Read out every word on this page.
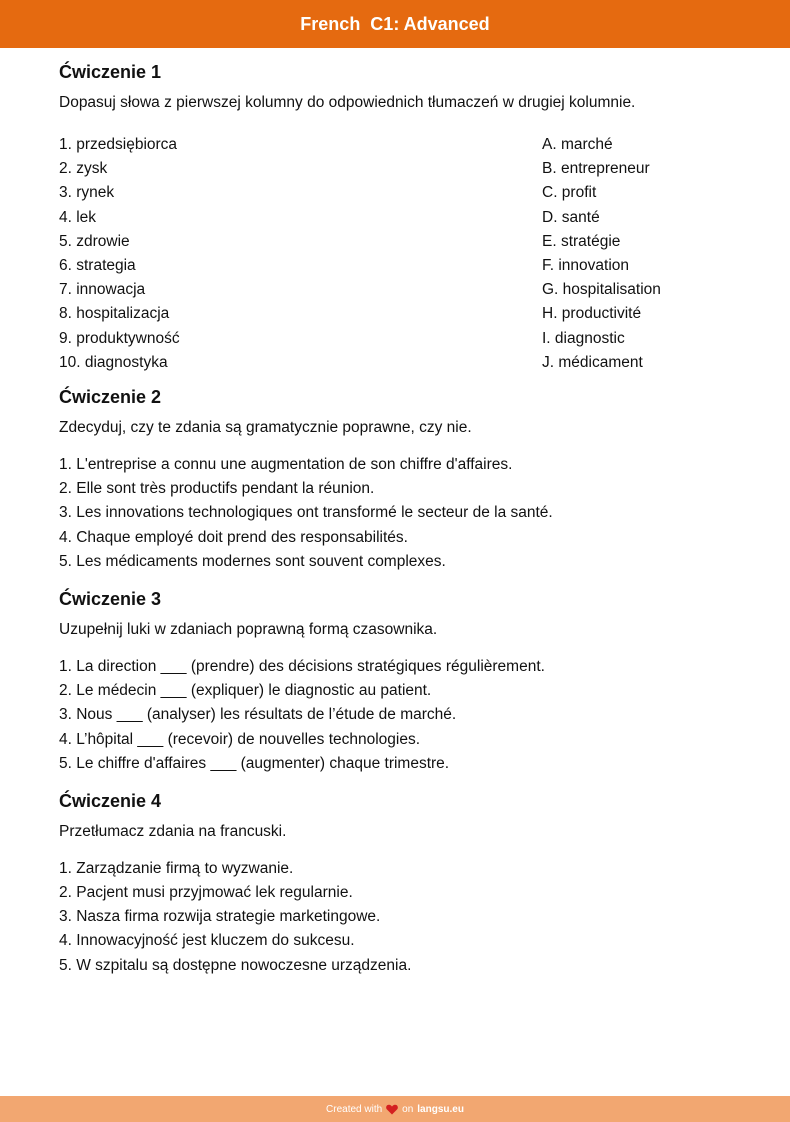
French  C1: Advanced
Ćwiczenie 1

Dopasuj słowa z pierwszej kolumny do odpowiednich tłumaczeń w drugiej kolumnie.

1. przedsiębiorca
2. zysk
3. rynek
4. lek
5. zdrowie
6. strategia
7. innowacja
8. hospitalizacja
9. produktywność
10. diagnostyka
A. marché
B. entrepreneur
C. profit
D. santé
E. stratégie
F. innovation
G. hospitalisation
H. productivité
I. diagnostic
J. médicament
Ćwiczenie 2

Zdecyduj, czy te zdania są gramatycznie poprawne, czy nie.

1. L'entreprise a connu une augmentation de son chiffre d'affaires.
2. Elle sont très productifs pendant la réunion.
3. Les innovations technologiques ont transformé le secteur de la santé.
4. Chaque employé doit prend des responsabilités.
5. Les médicaments modernes sont souvent complexes.
Ćwiczenie 3

Uzupełnij luki w zdaniach poprawną formą czasownika.

1. La direction ___ (prendre) des décisions stratégiques régulièrement.
2. Le médecin ___ (expliquer) le diagnostic au patient.
3. Nous ___ (analyser) les résultats de l’étude de marché.
4. L’hôpital ___ (recevoir) de nouvelles technologies.
5. Le chiffre d'affaires ___ (augmenter) chaque trimestre.
Ćwiczenie 4

Przetłumacz zdania na francuski.

1. Zarządzanie firmą to wyzwanie.
2. Pacjent musi przyjmować lek regularnie.
3. Nasza firma rozwija strategie marketingowe.
4. Innowacyjność jest kluczem do sukcesu.
5. W szpitalu są dostępne nowoczesne urządzenia.
Created with on langsu.eu
